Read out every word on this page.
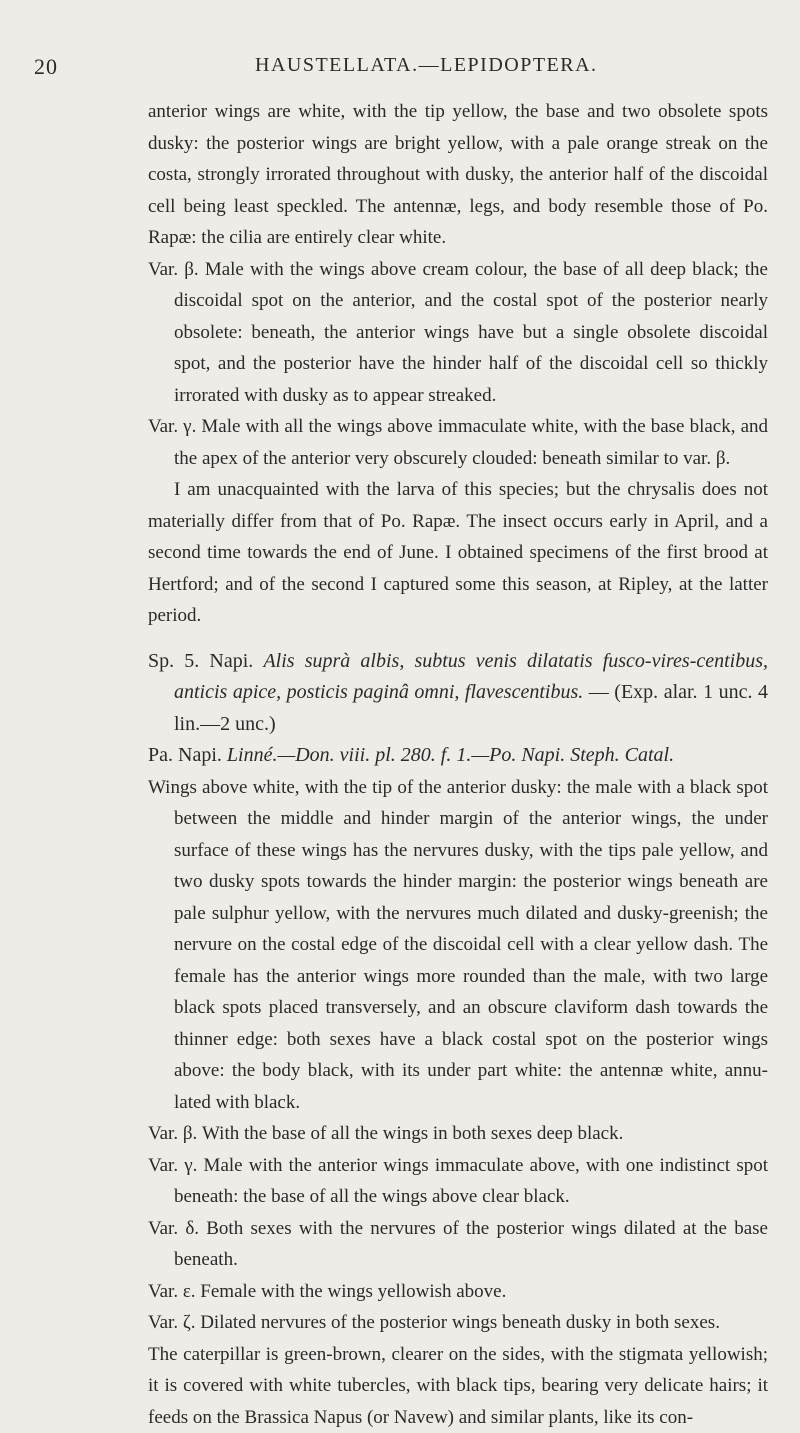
20	HAUSTELLATA.—LEPIDOPTERA.

anterior wings are white, with the tip yellow, the base and two obsolete spots dusky: the posterior wings are bright yellow, with a pale orange streak on the costa, strongly irrorated throughout with dusky, the anterior half of the discoidal cell being least speckled. The antennæ, legs, and body resemble those of Po. Rapæ: the cilia are entirely clear white.

Var. β. Male with the wings above cream colour, the base of all deep black; the discoidal spot on the anterior, and the costal spot of the posterior nearly obsolete: beneath, the anterior wings have but a single obsolete discoidal spot, and the posterior have the hinder half of the discoidal cell so thickly irrorated with dusky as to appear streaked.

Var. γ. Male with all the wings above immaculate white, with the base black, and the apex of the anterior very obscurely clouded: beneath similar to var. β.

I am unacquainted with the larva of this species; but the chrysalis does not materially differ from that of Po. Rapæ. The insect occurs early in April, and a second time towards the end of June. I obtained specimens of the first brood at Hertford; and of the second I captured some this season, at Ripley, at the latter period.

Sp. 5. Napi. Alis suprà albis, subtus venis dilatatis fusco-vires-centibus, anticis apice, posticis paginâ omni, flavescentibus. — (Exp. alar. 1 unc. 4 lin.—2 unc.)

Pa. Napi. Linné.—Don. viii. pl. 280. f. 1.—Po. Napi. Steph. Catal.

Wings above white, with the tip of the anterior dusky: the male with a black spot between the middle and hinder margin of the anterior wings, the under surface of these wings has the nervures dusky, with the tips pale yellow, and two dusky spots towards the hinder margin: the posterior wings beneath are pale sulphur yellow, with the nervures much dilated and dusky-greenish; the nervure on the costal edge of the discoidal cell with a clear yellow dash. The female has the anterior wings more rounded than the male, with two large black spots placed transversely, and an obscure claviform dash towards the thinner edge: both sexes have a black costal spot on the posterior wings above: the body black, with its under part white: the antennæ white, annu-lated with black.

Var. β. With the base of all the wings in both sexes deep black.

Var. γ. Male with the anterior wings immaculate above, with one indistinct spot beneath: the base of all the wings above clear black.

Var. δ. Both sexes with the nervures of the posterior wings dilated at the base beneath.

Var. ε. Female with the wings yellowish above.

Var. ζ. Dilated nervures of the posterior wings beneath dusky in both sexes.

The caterpillar is green-brown, clearer on the sides, with the stigmata yellowish; it is covered with white tubercles, with black tips, bearing very delicate hairs; it feeds on the Brassica Napus (or Navew) and similar plants, like its con-
